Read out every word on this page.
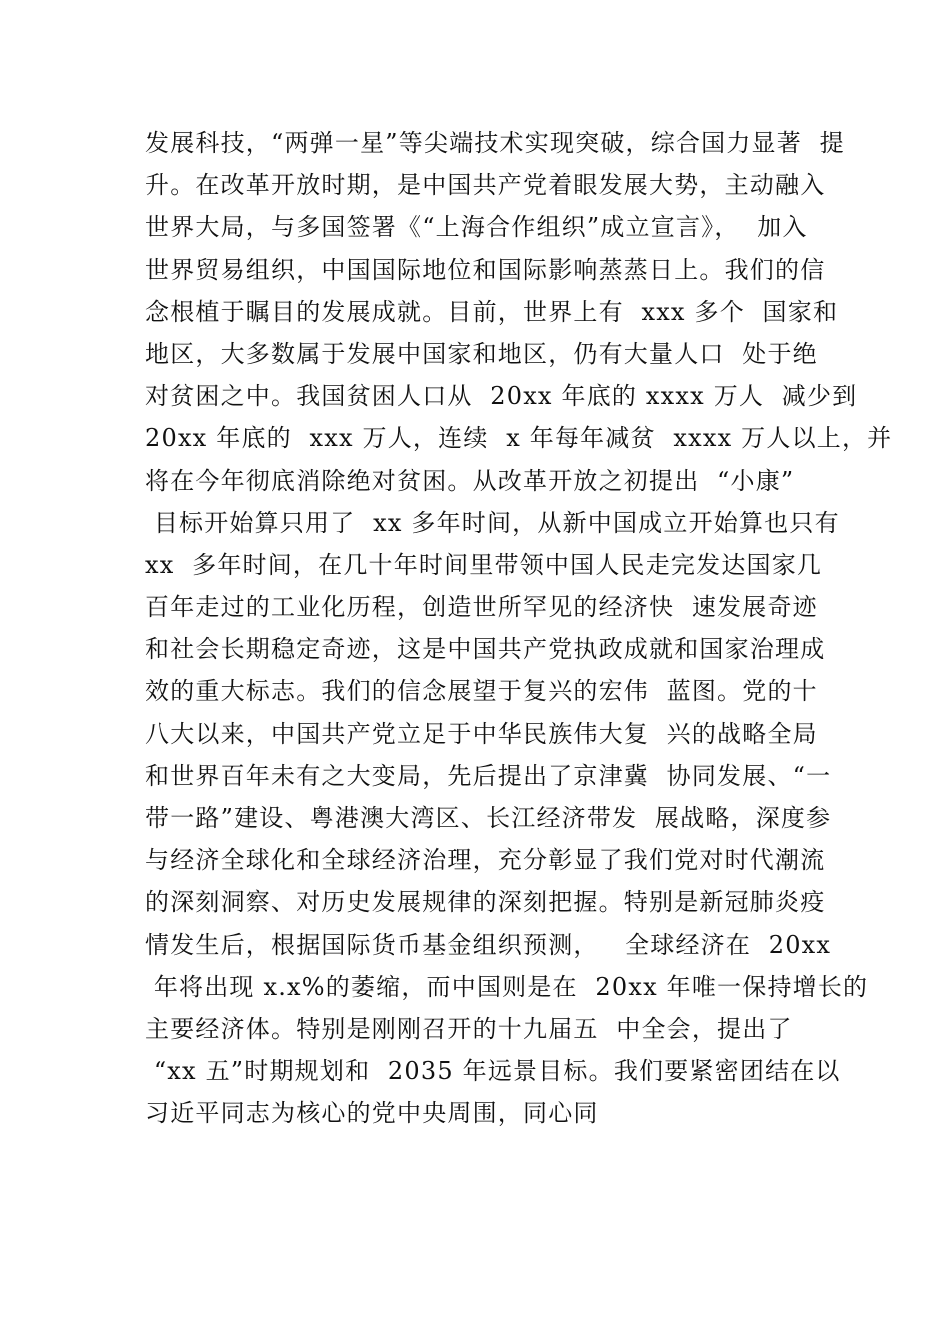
发展科技，“两弹一星”等尖端技术实现突破，综合国力显著  提
升。在改革开放时期，是中国共产党着眼发展大势，主动融入
世界大局，与多国签署《“上海合作组织”成立宣言》，  加入
世界贸易组织，中国国际地位和国际影响蒸蒸日上。我们的信
念根植于瞩目的发展成就。目前，世界上有  xxx 多个  国家和
地区，大多数属于发展中国家和地区，仍有大量人口  处于绝
对贫困之中。我国贫困人口从  20xx 年底的 xxxx 万人  减少到
20xx 年底的  xxx 万人，连续  x 年每年减贫  xxxx 万人以上，并
将在今年彻底消除绝对贫困。从改革开放之初提出  “小康”
目标开始算只用了  xx 多年时间，从新中国成立开始算也只有
xx  多年时间，在几十年时间里带领中国人民走完发达国家几
百年走过的工业化历程，创造世所罕见的经济快  速发展奇迹
和社会长期稳定奇迹，这是中国共产党执政成就和国家治理成
效的重大标志。我们的信念展望于复兴的宏伟  蓝图。党的十
八大以来，中国共产党立足于中华民族伟大复  兴的战略全局
和世界百年未有之大变局，先后提出了京津冀  协同发展、“一
带一路”建设、粤港澳大湾区、长江经济带发  展战略，深度参
与经济全球化和全球经济治理，充分彰显了我们党对时代潮流
的深刻洞察、对历史发展规律的深刻把握。特别是新冠肺炎疫
情发生后，根据国际货币基金组织预测，   全球经济在  20xx
年将出现 x.x%的萎缩，而中国则是在  20xx 年唯一保持增长的
主要经济体。特别是刚刚召开的十九届五  中全会，提出了
“xx 五”时期规划和  2035 年远景目标。我们要紧密团结在以
习近平同志为核心的党中央周围，同心同
